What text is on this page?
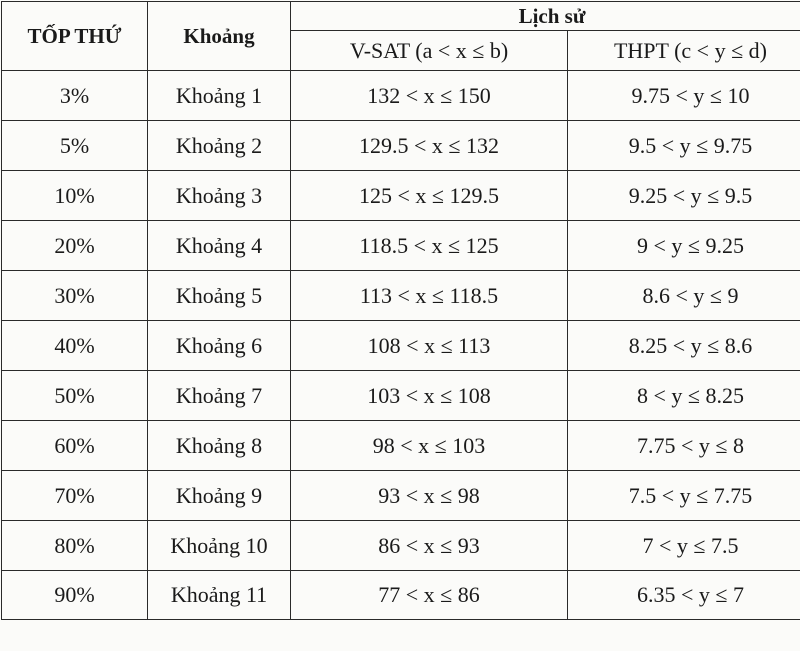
TỐP THỨ	Khoảng	Lịch sử	
		V-SAT (a < x ≤ b)	THPT (c < y ≤ d)
3%	Khoảng 1	132 < x ≤ 150	9.75 < y ≤ 10
5%	Khoảng 2	129.5 < x ≤ 132	9.5 < y ≤ 9.75
10%	Khoảng 3	125 < x ≤ 129.5	9.25 < y ≤ 9.5
20%	Khoảng 4	118.5 < x ≤ 125	9 < y ≤ 9.25
30%	Khoảng 5	113 < x ≤ 118.5	8.6 < y ≤ 9
40%	Khoảng 6	108 < x ≤ 113	8.25 < y ≤ 8.6
50%	Khoảng 7	103 < x ≤ 108	8 < y ≤ 8.25
60%	Khoảng 8	98 < x ≤ 103	7.75 < y ≤ 8
70%	Khoảng 9	93 < x ≤ 98	7.5 < y ≤ 7.75
80%	Khoảng 10	86 < x ≤ 93	7 < y ≤ 7.5
90%	Khoảng 11	77 < x ≤ 86	6.35 < y ≤ 7
